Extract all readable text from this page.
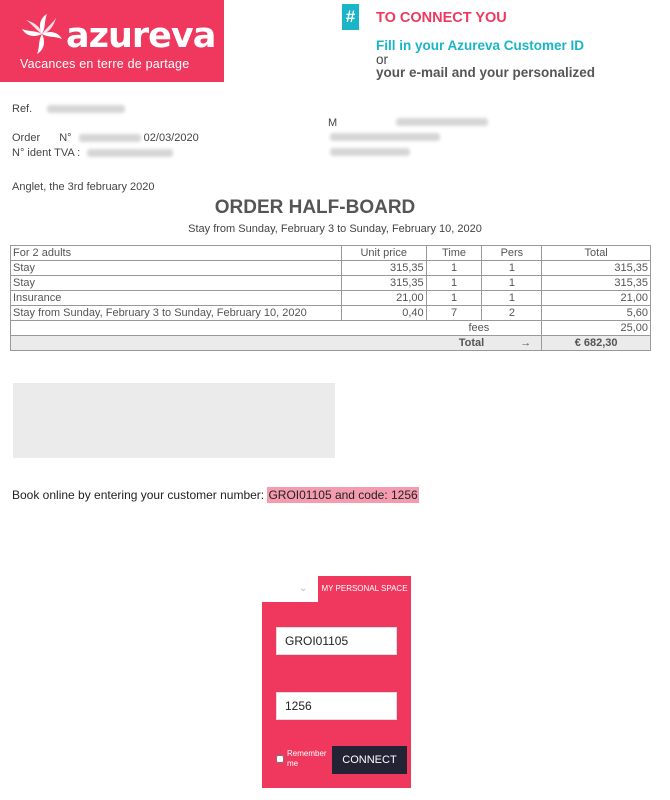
azureva
Vacances en terre de partage
# TO CONNECT YOU
Fill in your Azureva Customer ID
or
your e-mail and your personalized
Ref.
Order N°	02/03/2020
N° ident TVA :
M
Anglet, the 3rd february 2020
ORDER HALF-BOARD
Stay from Sunday, February 3 to Sunday, February 10, 2020
For 2 adults	Unit price	Time	Pers	Total
Stay	315,35	1	1	315,35
Stay	315,35	1	1	315,35
Insurance	21,00	1	1	21,00
Stay from Sunday, February 3 to Sunday, February 10, 2020	0,40	7	2	5,60
fees				25,00
Total →				€ 682,30
Book online by entering your customer number: GROI01105 and code: 1256
⌄	MY PERSONAL SPACE
GROI01105
1256
Remember me	CONNECT
